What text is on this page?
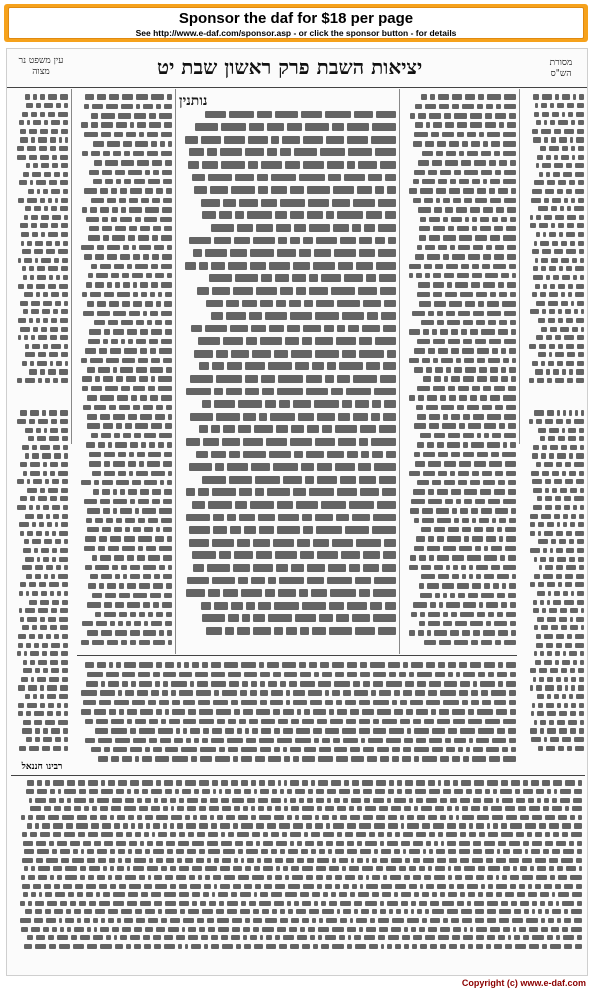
Sponsor the daf for $18 per page
See http://www.e-daf.com/sponsor.asp - or click the sponsor button - for details
עין משפט נר מצוה	יציאות השבת פרק ראשון שבת יט	מסורת הש"ס
נותנין
רבינו חננאל
Copyright (c) www.e-daf.com
